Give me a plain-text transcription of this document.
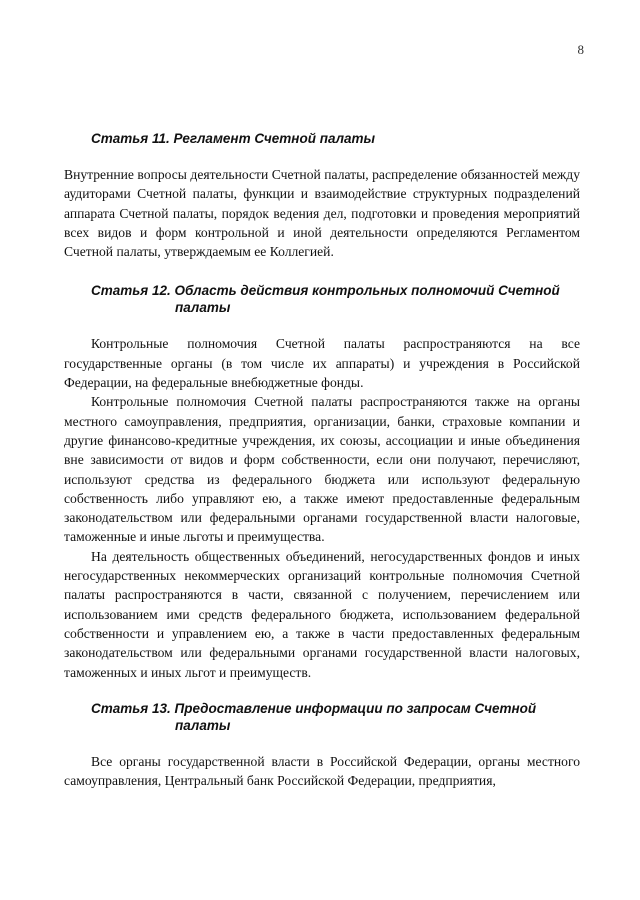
8

Статья 11. Регламент Счетной палаты

Внутренние вопросы деятельности Счетной палаты, распределение обязанностей между аудиторами Счетной палаты, функции и взаимодействие структурных подразделений аппарата Счетной палаты, порядок ведения дел, подготовки и проведения мероприятий всех видов и форм контрольной и иной деятельности определяются Регламентом Счетной палаты, утверждаемым ее Коллегией.

Статья 12. Область действия контрольных полномочий Счетной
палаты

Контрольные полномочия Счетной палаты распространяются на все государственные органы (в том числе их аппараты) и учреждения в Российской Федерации, на федеральные внебюджетные фонды.

Контрольные полномочия Счетной палаты распространяются также на органы местного самоуправления, предприятия, организации, банки, страховые компании и другие финансово-кредитные учреждения, их союзы, ассоциации и иные объединения вне зависимости от видов и форм собственности, если они получают, перечисляют, используют средства из федерального бюджета или используют федеральную собственность либо управляют ею, а также имеют предоставленные федеральным законодательством или федеральными органами государственной власти налоговые, таможенные и иные льготы и преимущества.

На деятельность общественных объединений, негосударственных фондов и иных негосударственных некоммерческих организаций контрольные полномочия Счетной палаты распространяются в части, связанной с получением, перечислением или использованием ими средств федерального бюджета, использованием федеральной собственности и управлением ею, а также в части предоставленных федеральным законодательством или федеральными органами государственной власти налоговых, таможенных и иных льгот и преимуществ.

Статья 13. Предоставление информации по запросам Счетной
палаты

Все органы государственной власти в Российской Федерации, органы местного самоуправления, Центральный банк Российской Федерации, предприятия,
